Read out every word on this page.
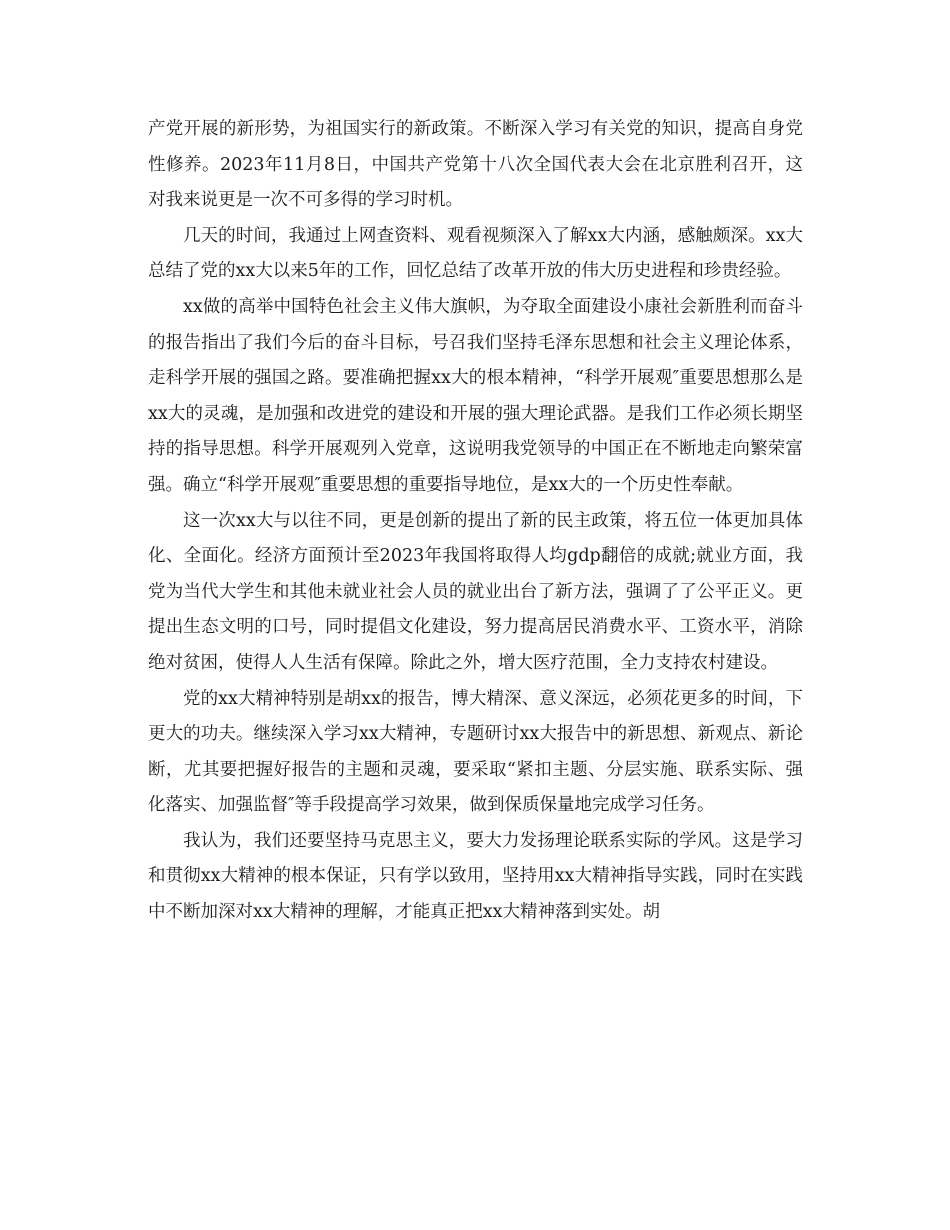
产党开展的新形势，为祖国实行的新政策。不断深入学习有关党的知识，提高自身党性修养。2023年11月8日，中国共产党第十八次全国代表大会在北京胜利召开，这对我来说更是一次不可多得的学习时机。

几天的时间，我通过上网查资料、观看视频深入了解xx大内涵，感触颇深。xx大总结了党的xx大以来5年的工作，回忆总结了改革开放的伟大历史进程和珍贵经验。

xx做的高举中国特色社会主义伟大旗帜，为夺取全面建设小康社会新胜利而奋斗的报告指出了我们今后的奋斗目标，号召我们坚持毛泽东思想和社会主义理论体系，走科学开展的强国之路。要准确把握xx大的根本精神，“科学开展观″重要思想那么是xx大的灵魂，是加强和改进党的建设和开展的强大理论武器。是我们工作必须长期坚持的指导思想。科学开展观列入党章，这说明我党领导的中国正在不断地走向繁荣富强。确立“科学开展观″重要思想的重要指导地位，是xx大的一个历史性奉献。

这一次xx大与以往不同，更是创新的提出了新的民主政策，将五位一体更加具体化、全面化。经济方面预计至2023年我国将取得人均gdp翻倍的成就;就业方面，我党为当代大学生和其他未就业社会人员的就业出台了新方法，强调了了公平正义。更提出生态文明的口号，同时提倡文化建设，努力提高居民消费水平、工资水平，消除绝对贫困，使得人人生活有保障。除此之外，增大医疗范围，全力支持农村建设。

党的xx大精神特别是胡xx的报告，博大精深、意义深远，必须花更多的时间，下更大的功夫。继续深入学习xx大精神，专题研讨xx大报告中的新思想、新观点、新论断，尤其要把握好报告的主题和灵魂，要采取“紧扣主题、分层实施、联系实际、强化落实、加强监督″等手段提高学习效果，做到保质保量地完成学习任务。

我认为，我们还要坚持马克思主义，要大力发扬理论联系实际的学风。这是学习和贯彻xx大精神的根本保证，只有学以致用，坚持用xx大精神指导实践，同时在实践中不断加深对xx大精神的理解，才能真正把xx大精神落到实处。胡
